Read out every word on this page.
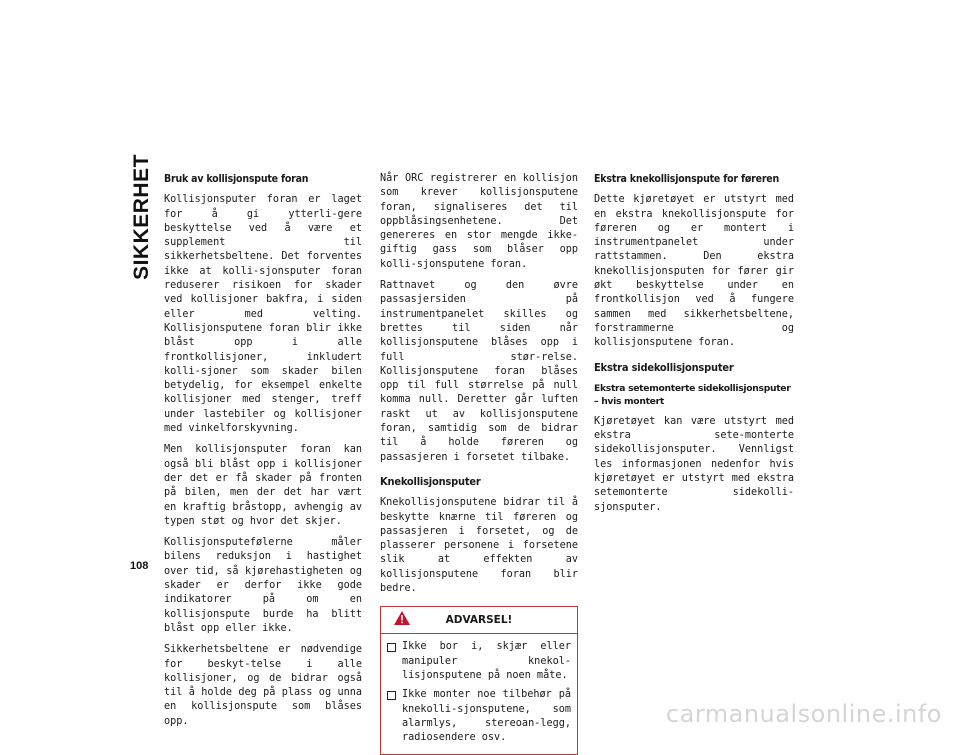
SIKKERHET
108
Bruk av kollisjonspute foran

Kollisjonsputer foran er laget for å gi ytterli-gere beskyttelse ved å være et supplement til sikkerhetsbeltene. Det forventes ikke at kolli-sjonsputer foran reduserer risikoen for skader ved kollisjoner bakfra, i siden eller med velting. Kollisjonsputene foran blir ikke blåst opp i alle frontkollisjoner, inkludert kolli-sjoner som skader bilen betydelig, for eksempel enkelte kollisjoner med stenger, treff under lastebiler og kollisjoner med vinkelforskyvning.

Men kollisjonsputer foran kan også bli blåst opp i kollisjoner der det er få skader på fronten på bilen, men der det har vært en kraftig bråstopp, avhengig av typen støt og hvor det skjer.

Kollisjonsputefølerne måler bilens reduksjon i hastighet over tid, så kjørehastigheten og skader er derfor ikke gode indikatorer på om en kollisjonspute burde ha blitt blåst opp eller ikke.

Sikkerhetsbeltene er nødvendige for beskyt-telse i alle kollisjoner, og de bidrar også til å holde deg på plass og unna en kollisjonspute som blåses opp.

Når ORC registrerer en kollisjon som krever kollisjonsputene foran, signaliseres det til oppblåsingsenhetene. Det genereres en stor mengde ikke-giftig gass som blåser opp kolli-sjonsputene foran.

Rattnavet og den øvre passasjersiden på instrumentpanelet skilles og brettes til siden når kollisjonsputene blåses opp i full stør-relse. Kollisjonsputene foran blåses opp til full størrelse på null komma null. Deretter går luften raskt ut av kollisjonsputene foran, samtidig som de bidrar til å holde føreren og passasjeren i forsetet tilbake.

Knekollisjonsputer

Knekollisjonsputene bidrar til å beskytte knærne til føreren og passasjeren i forsetet, og de plasserer personene i forsetene slik at effekten av kollisjonsputene foran blir bedre.

ADVARSEL!
Ikke bor i, skjær eller manipuler knekol-lisjonsputene på noen måte.
Ikke monter noe tilbehør på knekolli-sjonsputene, som alarmlys, stereoan-legg, radiosendere osv.
Ekstra knekollisjonspute for føreren

Dette kjøretøyet er utstyrt med en ekstra knekollisjonspute for føreren og er montert i instrumentpanelet under rattstammen. Den ekstra knekollisjonsputen for fører gir økt beskyttelse under en frontkollisjon ved å fungere sammen med sikkerhetsbeltene, forstrammerne og kollisjonsputene foran.

Ekstra sidekollisjonsputer
Ekstra setemonterte sidekollisjonsputer – hvis montert

Kjøretøyet kan være utstyrt med ekstra sete-monterte sidekollisjonsputer. Vennligst les informasjonen nedenfor hvis kjøretøyet er utstyrt med ekstra setemonterte sidekolli-sjonsputer.

carmanualsonline.info
